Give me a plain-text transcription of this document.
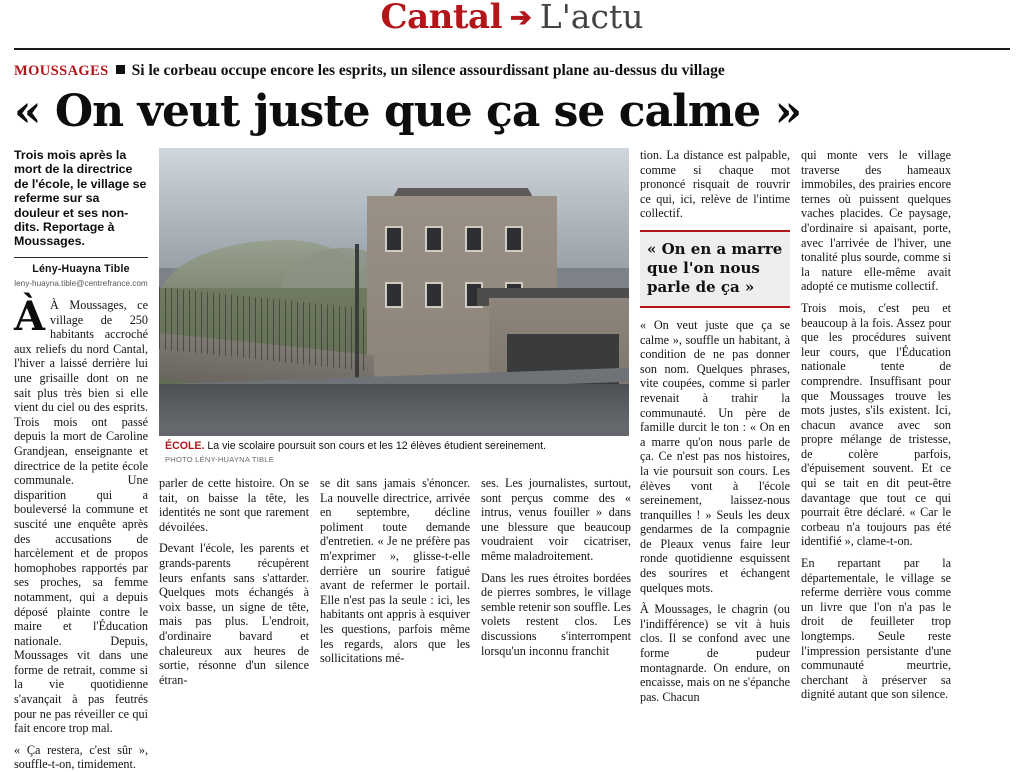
Cantal ➔ L'actu
MOUSSAGES Si le corbeau occupe encore les esprits, un silence assourdissant plane au-dessus du village
« On veut juste que ça se calme »
Trois mois après la mort de la directrice de l'école, le village se referme sur sa douleur et ses non-dits. Reportage à Moussages.
Lény-Huayna Tible
leny-huayna.tible@centrefrance.com

À À Moussages, ce village de 250 habitants accroché aux reliefs du nord Cantal, l'hiver a laissé derrière lui une grisaille dont on ne sait plus très bien si elle vient du ciel ou des esprits. Trois mois ont passé depuis la mort de Caroline Grandjean, enseignante et directrice de la petite école communale. Une disparition qui a bouleversé la commune et suscité une enquête après des accusations de harcèlement et de propos homophobes rapportés par ses proches, sa femme notamment, qui a depuis déposé plainte contre le maire et l'Éducation nationale. Depuis, Moussages vit dans une forme de retrait, comme si la vie quotidienne s'avançait à pas feutrés pour ne pas réveiller ce qui fait encore trop mal.

« Ça restera, c'est sûr », souffle-t-on, timidement.

ÉCOLE. La vie scolaire poursuit son cours et les 12 élèves étudient sereinement.
PHOTO LÉNY-HUAYNA TIBLE

parler de cette histoire. On se tait, on baisse la tête, les identités ne sont que rarement dévoilées.

Devant l'école, les parents et grands-parents récupèrent leurs enfants sans s'attarder. Quelques mots échangés à voix basse, un signe de tête, mais pas plus. L'endroit, d'ordinaire bavard et chaleureux aux heures de sortie, résonne d'un silence étran-

se dit sans jamais s'énoncer. La nouvelle directrice, arrivée en septembre, décline poliment toute demande d'entretien. « Je ne préfère pas m'exprimer », glisse-t-elle derrière un sourire fatigué avant de refermer le portail. Elle n'est pas la seule : ici, les habitants ont appris à esquiver les questions, parfois même les regards, alors que les sollicitations mé-

ses. Les journalistes, surtout, sont perçus comme des « intrus, venus fouiller » dans une blessure que beaucoup voudraient voir cicatriser, même maladroitement.

Dans les rues étroites bordées de pierres sombres, le village semble retenir son souffle. Les volets restent clos. Les discussions s'interrompent lorsqu'un inconnu franchit

tion. La distance est palpable, comme si chaque mot prononcé risquait de rouvrir ce qui, ici, relève de l'intime collectif.

« On en a marre que l'on nous parle de ça »

« On veut juste que ça se calme », souffle un habitant, à condition de ne pas donner son nom. Quelques phrases, vite coupées, comme si parler revenait à trahir la communauté. Un père de famille durcit le ton : « On en a marre qu'on nous parle de ça. Ce n'est pas nos histoires, la vie poursuit son cours. Les élèves vont à l'école sereinement, laissez-nous tranquilles ! » Seuls les deux gendarmes de la compagnie de Pleaux venus faire leur ronde quotidienne esquissent des sourires et échangent quelques mots.

À Moussages, le chagrin (ou l'indifférence) se vit à huis clos. Il se confond avec une forme de pudeur montagnarde. On endure, on encaisse, mais on ne s'épanche pas. Chacun

qui monte vers le village traverse des hameaux immobiles, des prairies encore ternes où puissent quelques vaches placides. Ce paysage, d'ordinaire si apaisant, porte, avec l'arrivée de l'hiver, une tonalité plus sourde, comme si la nature elle-même avait adopté ce mutisme collectif.

Trois mois, c'est peu et beaucoup à la fois. Assez pour que les procédures suivent leur cours, que l'Éducation nationale tente de comprendre. Insuffisant pour que Moussages trouve les mots justes, s'ils existent. Ici, chacun avance avec son propre mélange de tristesse, de colère parfois, d'épuisement souvent. Et ce qui se tait en dit peut-être davantage que tout ce qui pourrait être déclaré. « Car le corbeau n'a toujours pas été identifié », clame-t-on.

En repartant par la départementale, le village se referme derrière vous comme un livre que l'on n'a pas le droit de feuilleter trop longtemps. Seule reste l'impression persistante d'une communauté meurtrie, cherchant à préserver sa dignité autant que son silence.
